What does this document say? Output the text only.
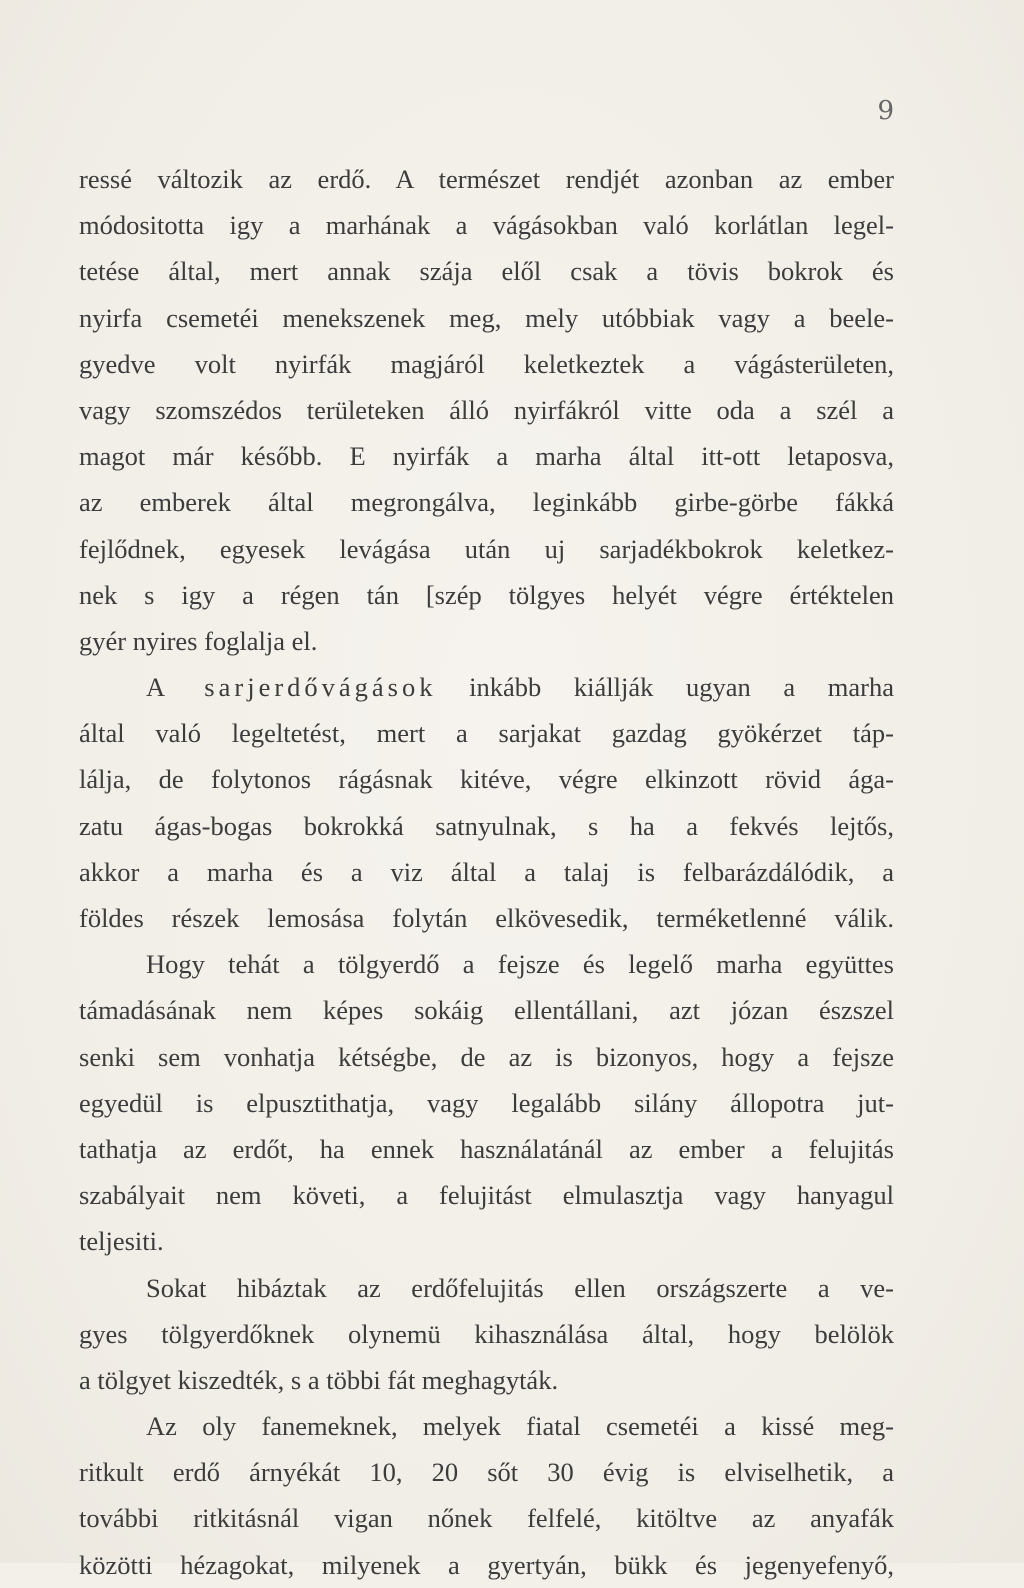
9

ressé változik az erdő. A természet rendjét azonban az ember
módositotta igy a marhának a vágásokban való korlátlan legel-
tetése által, mert annak szája elől csak a tövis bokrok és
nyirfa csemetéi menekszenek meg, mely utóbbiak vagy a beele-
gyedve volt nyirfák magjáról keletkeztek a vágásterületen,
vagy szomszédos területeken álló nyirfákról vitte oda a szél a
magot már később. E nyirfák a marha által itt-ott letaposva,
az emberek által megrongálva, leginkább girbe-görbe fákká
fejlődnek, egyesek levágása után uj sarjadékbokrok keletkez-
nek s igy a régen tán [szép tölgyes helyét végre értéktelen
gyér nyires foglalja el.
A sarjerdővágások inkább kiállják ugyan a marha
által való legeltetést, mert a sarjakat gazdag gyökérzet táp-
lálja, de folytonos rágásnak kitéve, végre elkinzott rövid ága-
zatu ágas-bogas bokrokká satnyulnak, s ha a fekvés lejtős,
akkor a marha és a viz által a talaj is felbarázdálódik, a
földes részek lemosása folytán elkövesedik, terméketlenné válik.
Hogy tehát a tölgyerdő a fejsze és legelő marha együttes
támadásának nem képes sokáig ellentállani, azt józan észszel
senki sem vonhatja kétségbe, de az is bizonyos, hogy a fejsze
egyedül is elpusztithatja, vagy legalább silány állopotra jut-
tathatja az erdőt, ha ennek használatánál az ember a felujitás
szabályait nem követi, a felujitást elmulasztja vagy hanyagul
teljesiti.
Sokat hibáztak az erdőfelujitás ellen országszerte a ve-
gyes tölgyerdőknek olynemü kihasználása által, hogy belölök
a tölgyet kiszedték, s a többi fát meghagyták.
Az oly fanemeknek, melyek fiatal csemetéi a kissé meg-
ritkult erdő árnyékát 10, 20 sőt 30 évig is elviselhetik, a
további ritkitásnál vigan nőnek felfelé, kitöltve az anyafák
közötti hézagokat, milyenek a gyertyán, bükk és jegenyefenyő,
